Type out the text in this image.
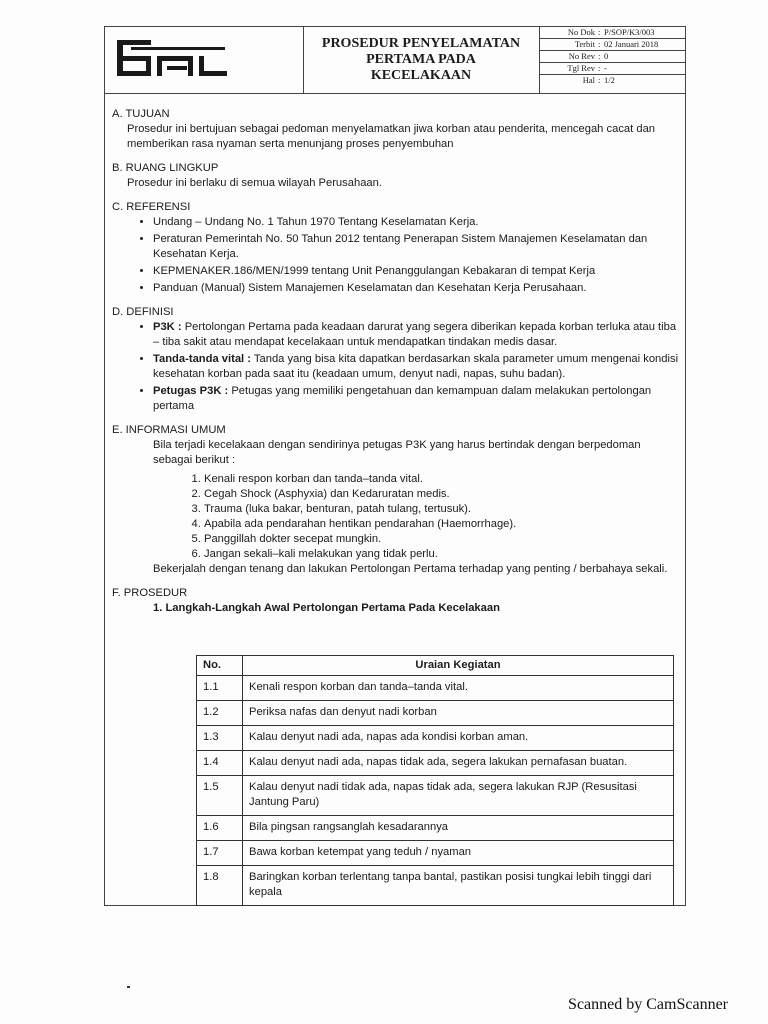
PROSEDUR PENYELAMATAN
PERTAMA PADA
KECELAKAAN
No Dok : P/SOP/K3/003
Terbit : 02 Januari 2018
No Rev : 0
Tgl Rev : -
Hal : 1/2
A. TUJUAN
Prosedur ini bertujuan sebagai pedoman menyelamatkan jiwa korban atau penderita, mencegah cacat dan memberikan rasa nyaman serta menunjang proses penyembuhan
B. RUANG LINGKUP
Prosedur ini berlaku di semua wilayah Perusahaan.
C. REFERENSI
• Undang – Undang No. 1 Tahun 1970 Tentang Keselamatan Kerja.
• Peraturan Pemerintah No. 50 Tahun 2012 tentang Penerapan Sistem Manajemen Keselamatan dan Kesehatan Kerja.
• KEPMENAKER.186/MEN/1999 tentang Unit Penanggulangan Kebakaran di tempat Kerja
• Panduan (Manual) Sistem Manajemen Keselamatan dan Kesehatan Kerja Perusahaan.
D. DEFINISI
• P3K : Pertolongan Pertama pada keadaan darurat yang segera diberikan kepada korban terluka atau tiba – tiba sakit atau mendapat kecelakaan untuk mendapatkan tindakan medis dasar.
• Tanda-tanda vital : Tanda yang bisa kita dapatkan berdasarkan skala parameter umum mengenai kondisi kesehatan korban pada saat itu (keadaan umum, denyut nadi, napas, suhu badan).
• Petugas P3K : Petugas yang memiliki pengetahuan dan kemampuan dalam melakukan pertolongan pertama
E. INFORMASI UMUM
Bila terjadi kecelakaan dengan sendirinya petugas P3K yang harus bertindak dengan berpedoman sebagai berikut :
1. Kenali respon korban dan tanda–tanda vital.
2. Cegah Shock (Asphyxia) dan Kedaruratan medis.
3. Trauma (luka bakar, benturan, patah tulang, tertusuk).
4. Apabila ada pendarahan hentikan pendarahan (Haemorrhage).
5. Panggillah dokter secepat mungkin.
6. Jangan sekali–kali melakukan yang tidak perlu.
Bekerjalah dengan tenang dan lakukan Pertolongan Pertama terhadap yang penting / berbahaya sekali.
F. PROSEDUR
1. Langkah-Langkah Awal Pertolongan Pertama Pada Kecelakaan
No.	Uraian Kegiatan
1.1	Kenali respon korban dan tanda–tanda vital.
1.2	Periksa nafas dan denyut nadi korban
1.3	Kalau denyut nadi ada, napas ada kondisi korban aman.
1.4	Kalau denyut nadi ada, napas tidak ada, segera lakukan pernafasan buatan.
1.5	Kalau denyut nadi tidak ada, napas tidak ada, segera lakukan RJP (Resusitasi Jantung Paru)
1.6	Bila pingsan rangsanglah kesadarannya
1.7	Bawa korban ketempat yang teduh / nyaman
1.8	Baringkan korban terlentang tanpa bantal, pastikan posisi tungkai lebih tinggi dari kepala
Scanned by CamScanner
